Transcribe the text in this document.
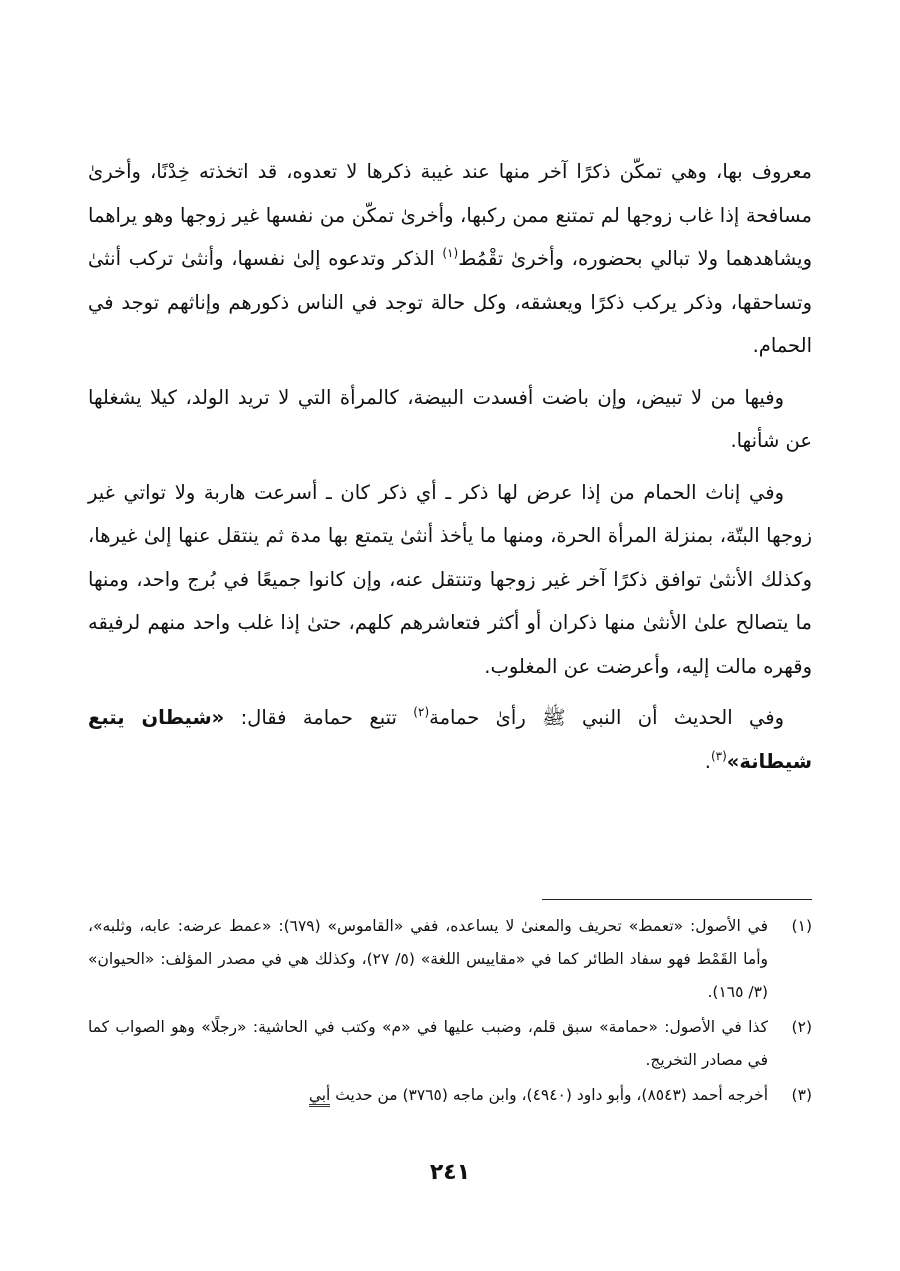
معروف بها، وهي تمكّن ذكرًا آخر منها عند غيبة ذكرها لا تعدوه، قد اتخذته خِدْنًا، وأخرىٰ مسافحة إذا غاب زوجها لم تمتنع ممن ركبها، وأخرىٰ تمكّن من نفسها غير زوجها وهو يراهما ويشاهدهما ولا تبالي بحضوره، وأخرىٰ تقْمُط$^{(١)}$ الذكر وتدعوه إلىٰ نفسها، وأنثىٰ تركب أنثىٰ وتساحقها، وذكر يركب ذكرًا ويعشقه، وكل حالة توجد في الناس ذكورهم وإناثهم توجد في الحمام.

وفيها من لا تبيض، وإن باضت أفسدت البيضة، كالمرأة التي لا تريد الولد، كيلا يشغلها عن شأنها.

وفي إناث الحمام من إذا عرض لها ذكر ـ أي ذكر كان ـ أسرعت هاربة ولا تواتي غير زوجها البتّة، بمنزلة المرأة الحرة، ومنها ما يأخذ أنثىٰ يتمتع بها مدة ثم ينتقل عنها إلىٰ غيرها، وكذلك الأنثىٰ توافق ذكرًا آخر غير زوجها وتنتقل عنه، وإن كانوا جميعًا في بُرج واحد، ومنها ما يتصالح علىٰ الأنثىٰ منها ذكران أو أكثر فتعاشرهم كلهم، حتىٰ إذا غلب واحد منهم لرفيقه وقهره مالت إليه، وأعرضت عن المغلوب.

وفي الحديث أن النبي ﷺ رأىٰ حمامة$^{(٢)}$ تتبع حمامة فقال: «شيطان يتبع شيطانة»$^{(٣)}$.

(١)
في الأصول: «تعمط» تحريف والمعنىٰ لا يساعده، ففي «القاموس» (٦٧٩): «عمط عرضه: عابه، وثلبه»، وأما القَمْط فهو سفاد الطائر كما في «مقاييس اللغة» (٥/ ٢٧)، وكذلك هي في مصدر المؤلف: «الحيوان» (٣/ ١٦٥).
(٢)
كذا في الأصول: «حمامة» سبق قلم، وضبب عليها في «م» وكتب في الحاشية: «رجلًا» وهو الصواب كما في مصادر التخريج.
(٣)
أخرجه أحمد (٨٥٤٣)، وأبو داود (٤٩٤٠)، وابن ماجه (٣٧٦٥) من حديث أبي
٢٤١
